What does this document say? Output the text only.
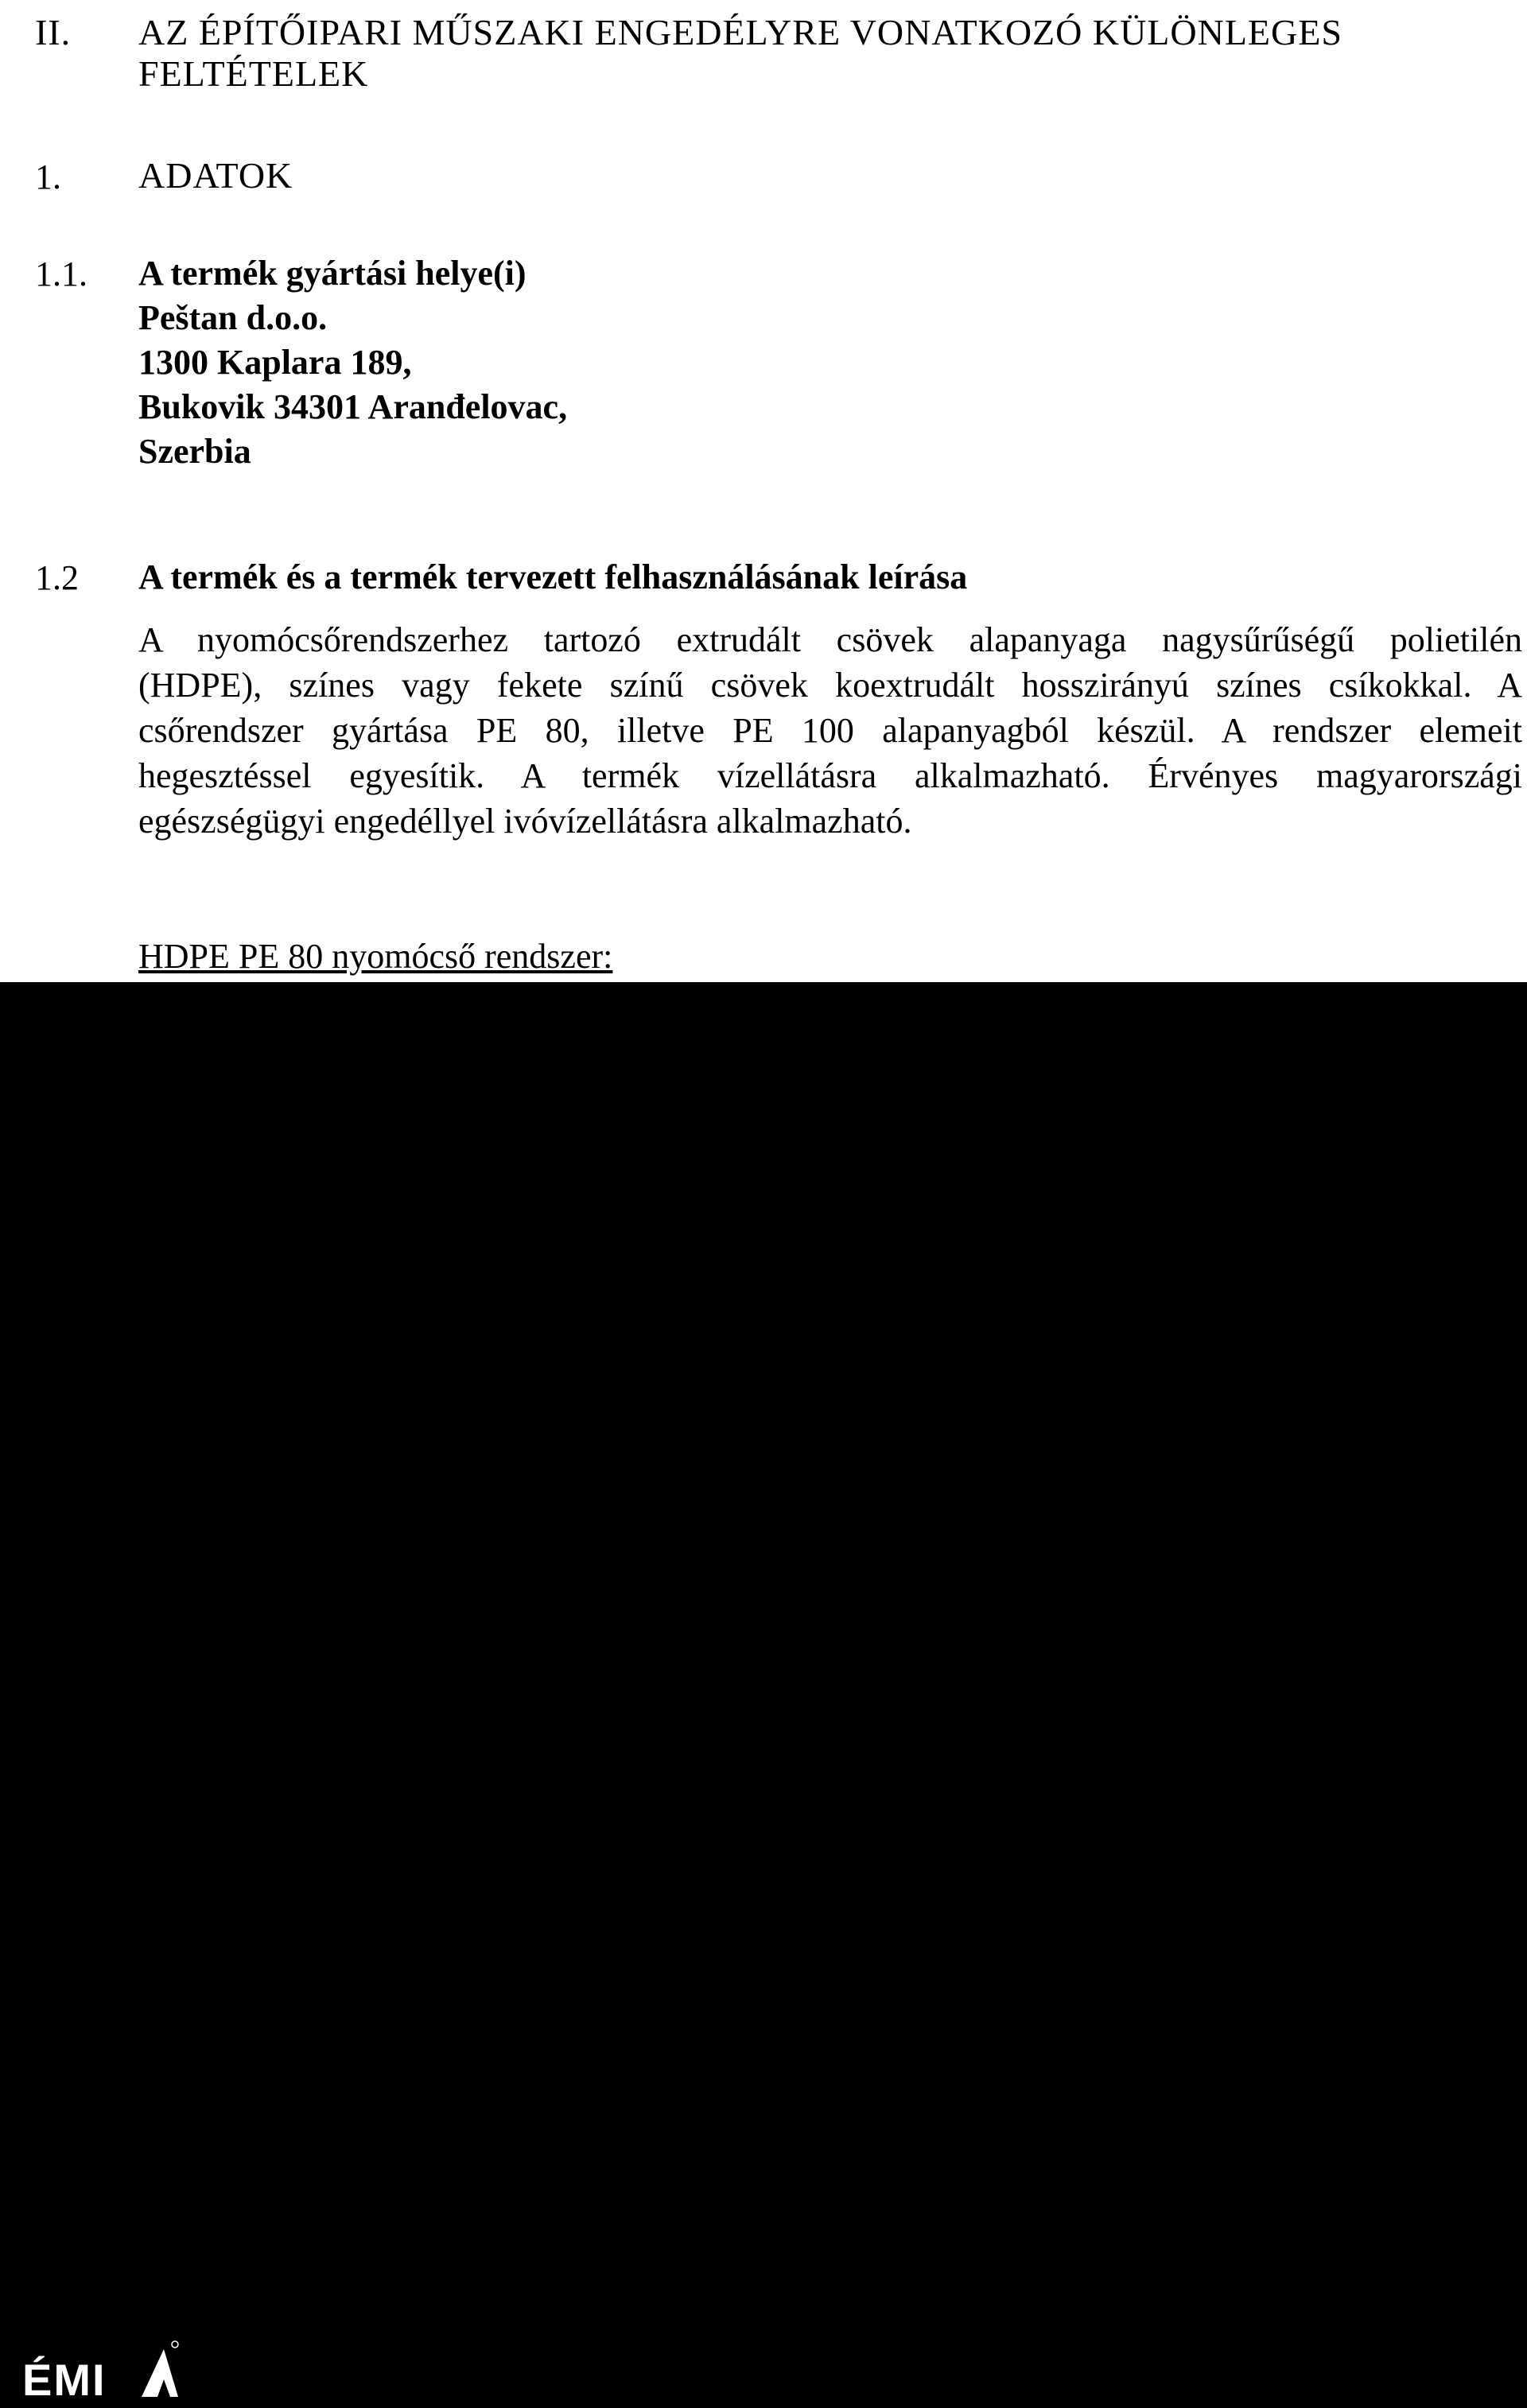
II. AZ ÉPÍTŐIPARI MŰSZAKI ENGEDÉLYRE VONATKOZÓ KÜLÖNLEGES
FELTÉTELEK
1. ADATOK
1.1. A termék gyártási helye(i)
Peštan d.o.o.
1300 Kaplara 189,
Bukovik 34301 Aranđelovac,
Szerbia
1.2 A termék és a termék tervezett felhasználásának leírása
A nyomócsőrendszerhez tartozó extrudált csövek alapanyaga nagysűrűségű polietilén
(HDPE), színes vagy fekete színű csövek koextrudált hosszirányú színes csíkokkal. A
csőrendszer gyártása PE 80, illetve PE 100 alapanyagból készül. A rendszer elemeit
hegesztéssel egyesítik. A termék vízellátásra alkalmazható. Érvényes magyarországi
egészségügyi engedéllyel ivóvízellátásra alkalmazható.
HDPE PE 80 nyomócső rendszer:
Átmérő	Szabványos
méretarány
Üzemi megengedett
nyomás
Névleges
gyűrűmerevség
Átmérő	Szabványos
méretarány
Üzemi megengedett
nyomás
Névleges
gyűrűmerevség
SDR17
SDR11
ÉMI
